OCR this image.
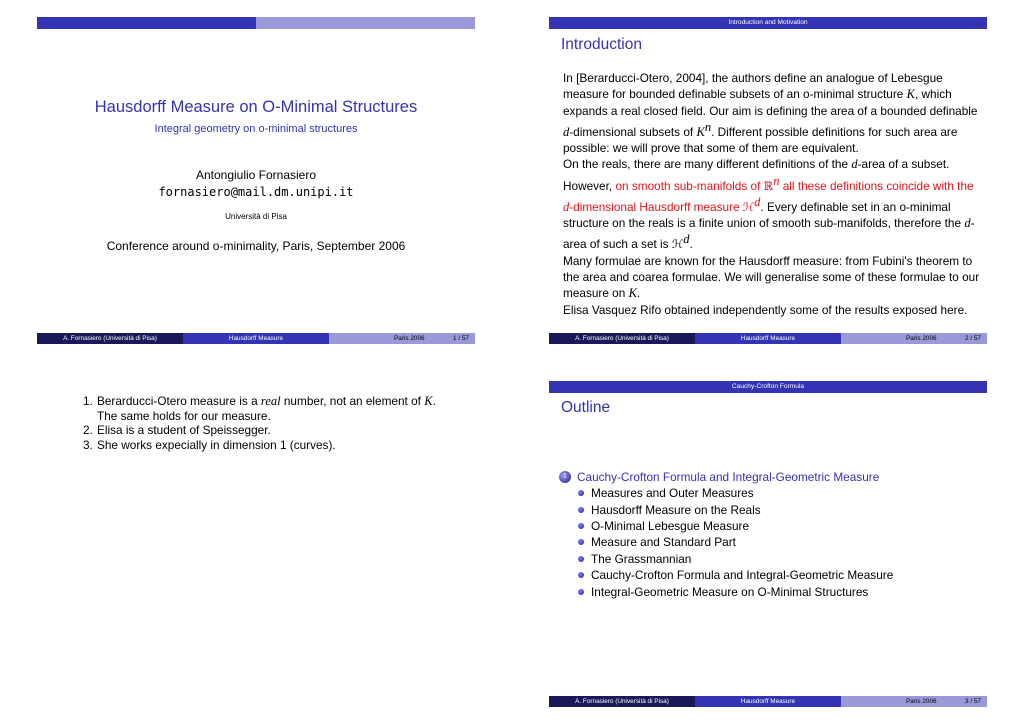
Hausdorff Measure on O-Minimal Structures
Integral geometry on o-minimal structures
Antongiulio Fornasiero
fornasiero@mail.dm.unipi.it
Università di Pisa
Conference around o-minimality, Paris, September 2006
A. Fornasiero (Università di Pisa)	Hausdorff Measure	Paris 2006	1 / 57
Introduction and Motivation
Introduction

In [Berarducci-Otero, 2004], the authors define an analogue of Lebesgue measure for bounded definable subsets of an o-minimal structure K, which expands a real closed field. Our aim is defining the area of a bounded definable d-dimensional subsets of $K^n$. Different possible definitions for such area are possible: we will prove that some of them are equivalent.

On the reals, there are many different definitions of the d-area of a subset. However, on smooth sub-manifolds of ℝ$^n$ all these definitions coincide with the d-dimensional Hausdorff measure ℋ$^d$. Every definable set in an o-minimal structure on the reals is a finite union of smooth sub-manifolds, therefore the d-area of such a set is ℋ$^d$.

Many formulae are known for the Hausdorff measure: from Fubini's theorem to the area and coarea formulae. We will generalise some of these formulae to our measure on K.

Elisa Vasquez Rifo obtained independently some of the results exposed here.

A. Fornasiero (Università di Pisa)	Hausdorff Measure	Paris 2006	2 / 57
1. Berarducci-Otero measure is a real number, not an element of K.
The same holds for our measure.
2. Elisa is a student of Speissegger.
3. She works expecially in dimension 1 (curves).
Cauchy-Crofton Formula
Outline
1 Cauchy-Crofton Formula and Integral-Geometric Measure
Measures and Outer Measures
Hausdorff Measure on the Reals
O-Minimal Lebesgue Measure
Measure and Standard Part
The Grassmannian
Cauchy-Crofton Formula and Integral-Geometric Measure
Integral-Geometric Measure on O-Minimal Structures
A. Fornasiero (Università di Pisa)	Hausdorff Measure	Paris 2006	3 / 57
